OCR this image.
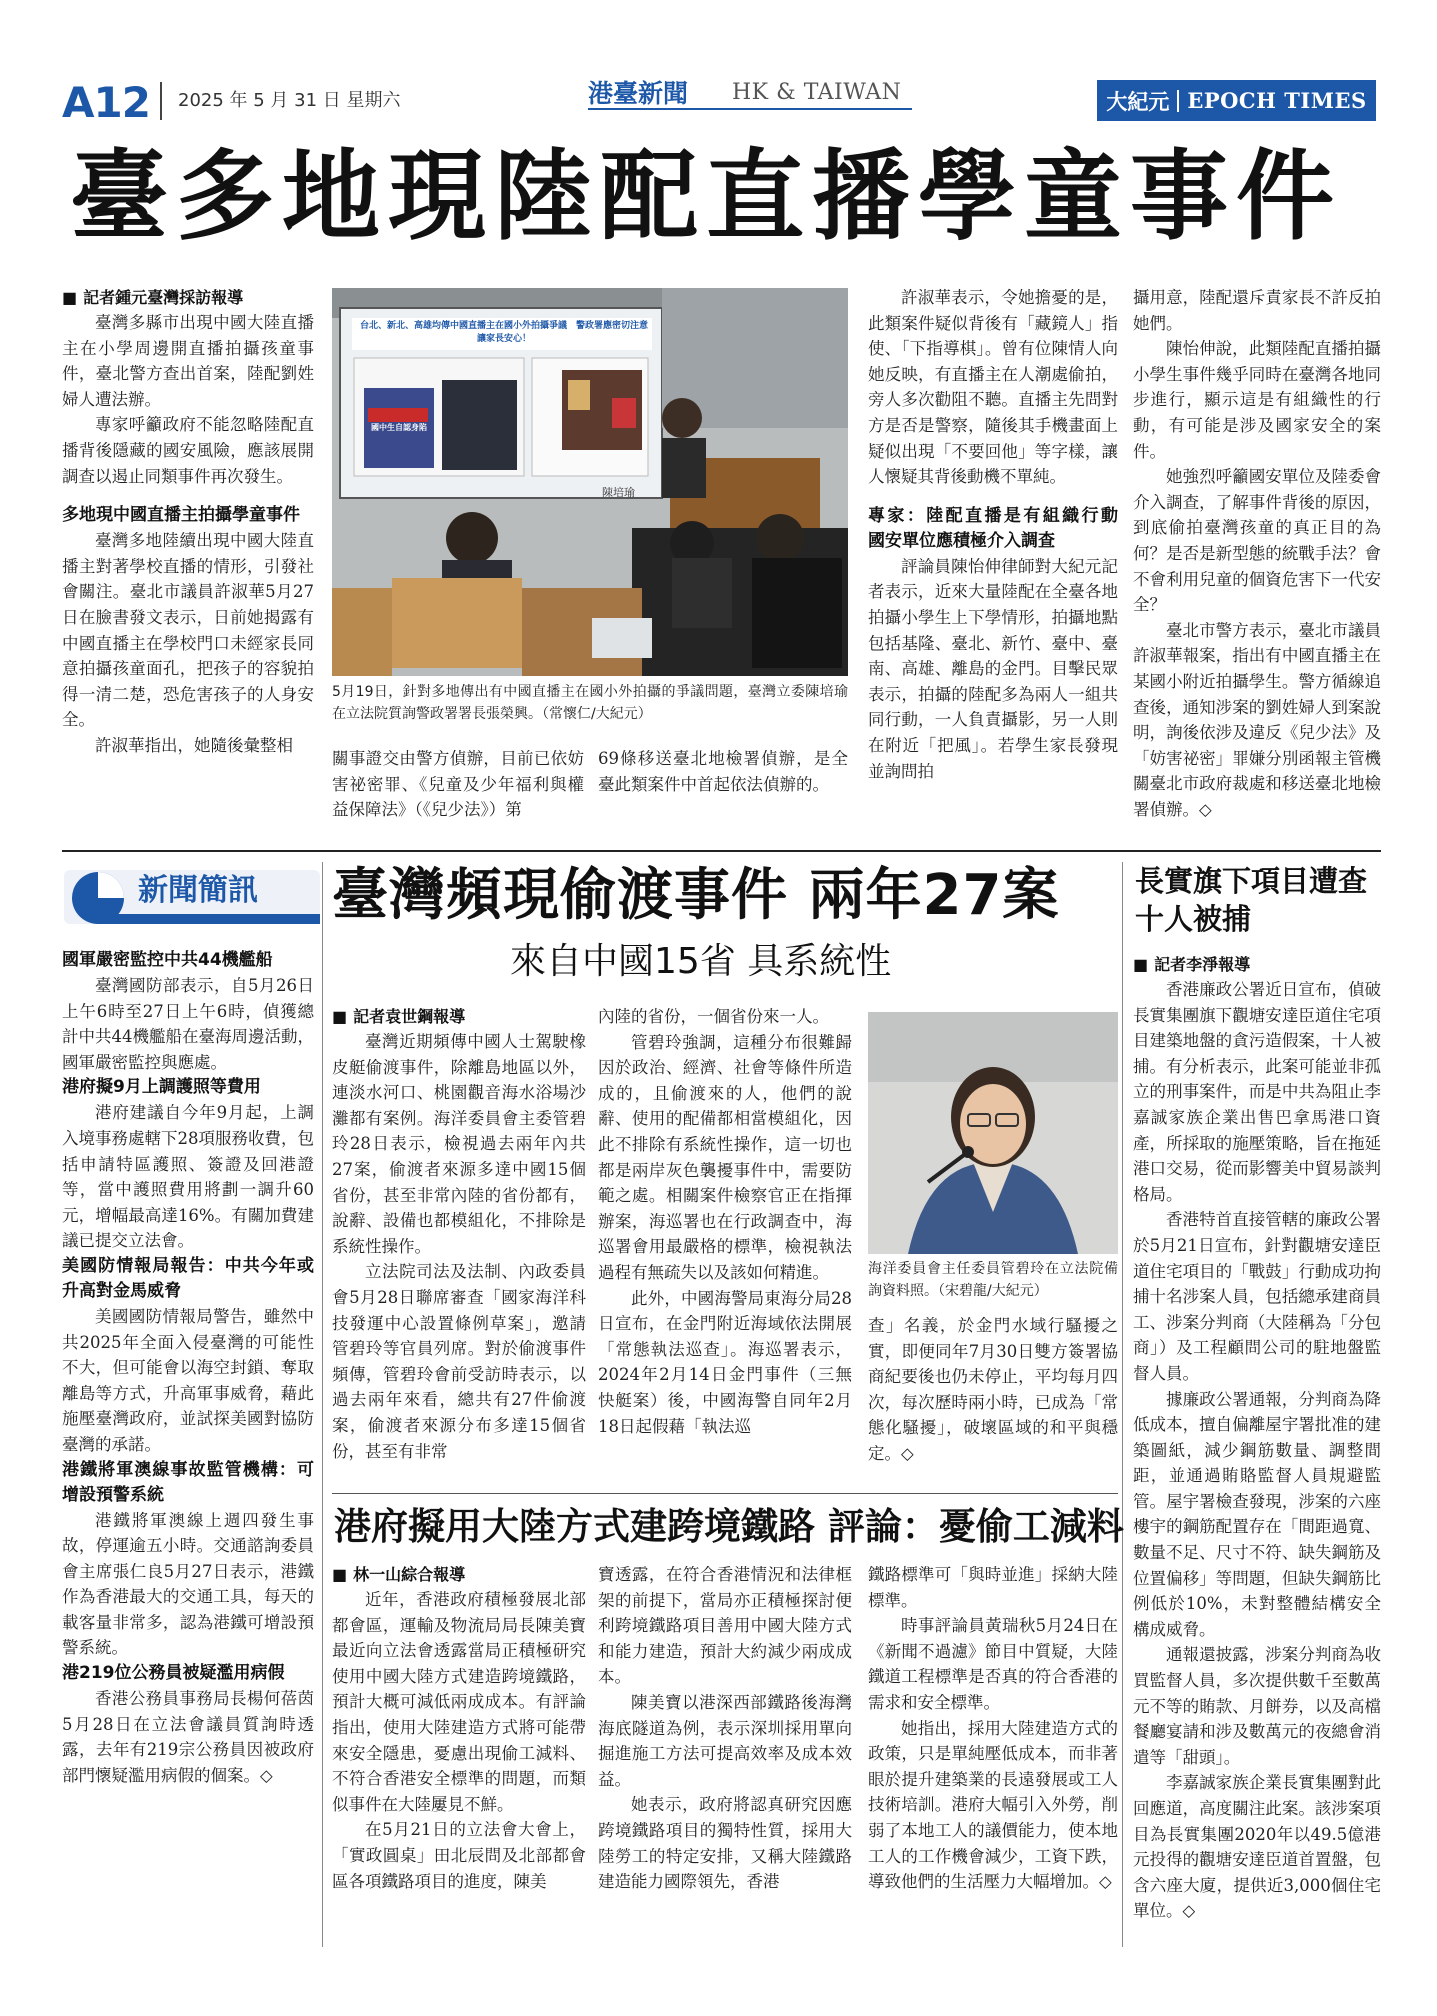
A12 2025 年 5 月 31 日 星期六	港臺新聞 HK & TAIWAN	大紀元 EPOCH TIMES
臺多地現陸配直播學童事件
■ 記者鍾元臺灣採訪報導

臺灣多縣市出現中國大陸直播主在小學周邊開直播拍攝孩童事件，臺北警方查出首案，陸配劉姓婦人遭法辦。

專家呼籲政府不能忽略陸配直播背後隱藏的國安風險，應該展開調查以遏止同類事件再次發生。

多地現中國直播主拍攝學童事件

臺灣多地陸續出現中國大陸直播主對著學校直播的情形，引發社會關注。臺北市議員許淑華5月27日在臉書發文表示，日前她揭露有中國直播主在學校門口未經家長同意拍攝孩童面孔，把孩子的容貌拍得一清二楚，恐危害孩子的人身安全。

許淑華指出，她隨後彙整相

台北、新北、高雄均傳中國直播主在國小外拍攝爭議　警政署應密切注意讓家長安心！
國中生自認身陷
陳培瑜
5月19日，針對多地傳出有中國直播主在國小外拍攝的爭議問題，臺灣立委陳培瑜在立法院質詢警政署署長張榮興。（常懷仁/大紀元）
關事證交由警方偵辦，目前已依妨害祕密罪、《兒童及少年福利與權益保障法》（《兒少法》）第
69條移送臺北地檢署偵辦，是全臺此類案件中首起依法偵辦的。

許淑華表示，令她擔憂的是，此類案件疑似背後有「藏鏡人」指使、「下指導棋」。曾有位陳情人向她反映，有直播主在人潮處偷拍，旁人多次勸阻不聽。直播主先問對方是否是警察，隨後其手機畫面上疑似出現「不要回他」等字樣，讓人懷疑其背後動機不單純。

專家：陸配直播是有組織行動　國安單位應積極介入調查

評論員陳怡伸律師對大紀元記者表示，近來大量陸配在全臺各地拍攝小學生上下學情形，拍攝地點包括基隆、臺北、新竹、臺中、臺南、高雄、離島的金門。目擊民眾表示，拍攝的陸配多為兩人一組共同行動，一人負責攝影，另一人則在附近「把風」。若學生家長發現並詢問拍

攝用意，陸配還斥責家長不許反拍她們。

陳怡伸說，此類陸配直播拍攝小學生事件幾乎同時在臺灣各地同步進行，顯示這是有組織性的行動，有可能是涉及國家安全的案件。

她強烈呼籲國安單位及陸委會介入調查，了解事件背後的原因，到底偷拍臺灣孩童的真正目的為何？是否是新型態的統戰手法？會不會利用兒童的個資危害下一代安全？

臺北市警方表示，臺北市議員許淑華報案，指出有中國直播主在某國小附近拍攝學生。警方循線追查後，通知涉案的劉姓婦人到案說明，詢後依涉及違反《兒少法》及「妨害祕密」罪嫌分別函報主管機關臺北市政府裁處和移送臺北地檢署偵辦。 ◇

新聞簡訊
國軍嚴密監控中共44機艦船

臺灣國防部表示，自5月26日上午6時至27日上午6時，偵獲總計中共44機艦船在臺海周邊活動，國軍嚴密監控與應處。

港府擬9月上調護照等費用

港府建議自今年9月起，上調入境事務處轄下28項服務收費，包括申請特區護照、簽證及回港證等，當中護照費用將劃一調升60元，增幅最高達16%。有關加費建議已提交立法會。

美國防情報局報告：中共今年或升高對金馬威脅

美國國防情報局警告，雖然中共2025年全面入侵臺灣的可能性不大，但可能會以海空封鎖、奪取離島等方式，升高軍事威脅，藉此施壓臺灣政府，並試探美國對協防臺灣的承諾。

港鐵將軍澳線事故監管機構：可增設預警系統

港鐵將軍澳線上週四發生事故，停運逾五小時。交通諮詢委員會主席張仁良5月27日表示，港鐵作為香港最大的交通工具，每天的載客量非常多，認為港鐵可增設預警系統。

港219位公務員被疑濫用病假

香港公務員事務局長楊何蓓茵5月28日在立法會議員質詢時透露，去年有219宗公務員因被政府部門懷疑濫用病假的個案。 ◇

臺灣頻現偷渡事件 兩年27案
來自中國15省 具系統性
■ 記者袁世鋼報導

臺灣近期頻傳中國人士駕駛橡皮艇偷渡事件，除離島地區以外，連淡水河口、桃園觀音海水浴場沙灘都有案例。海洋委員會主委管碧玲28日表示，檢視過去兩年內共27案，偷渡者來源多達中國15個省份，甚至非常內陸的省份都有，說辭、設備也都模組化，不排除是系統性操作。

立法院司法及法制、內政委員會5月28日聯席審查「國家海洋科技發運中心設置條例草案」，邀請管碧玲等官員列席。對於偷渡事件頻傳，管碧玲會前受訪時表示，以過去兩年來看，總共有27件偷渡案，偷渡者來源分布多達15個省份，甚至有非常

內陸的省份，一個省份來一人。

管碧玲強調，這種分布很難歸因於政治、經濟、社會等條件所造成的，且偷渡來的人，他們的說辭、使用的配備都相當模組化，因此不排除有系統性操作，這一切也都是兩岸灰色襲擾事件中，需要防範之處。相關案件檢察官正在指揮辦案，海巡署也在行政調查中，海巡署會用最嚴格的標準，檢視執法過程有無疏失以及該如何精進。

此外，中國海警局東海分局28日宣布，在金門附近海域依法開展「常態執法巡查」。海巡署表示，2024年2月14日金門事件（三無快艇案）後，中國海警自同年2月18日起假藉「執法巡

海洋委員會主任委員管碧玲在立法院備詢資料照。（宋碧龍/大紀元）
查」名義，於金門水域行騷擾之實，即便同年7月30日雙方簽署協商紀要後也仍未停止，平均每月四次，每次歷時兩小時，已成為「常態化騷擾」，破壞區域的和平與穩定。 ◇
港府擬用大陸方式建跨境鐵路 評論：憂偷工減料
■ 林一山綜合報導

近年，香港政府積極發展北部都會區，運輸及物流局局長陳美寶最近向立法會透露當局正積極研究使用中國大陸方式建造跨境鐵路，預計大概可減低兩成成本。有評論指出，使用大陸建造方式將可能帶來安全隱患，憂慮出現偷工減料、不符合香港安全標準的問題，而類似事件在大陸屢見不鮮。

在5月21日的立法會大會上，「實政圓桌」田北辰問及北部都會區各項鐵路項目的進度，陳美

寶透露，在符合香港情況和法律框架的前提下，當局亦正積極探討便利跨境鐵路項目善用中國大陸方式和能力建造，預計大約減少兩成成本。

陳美寶以港深西部鐵路後海灣海底隧道為例，表示深圳採用單向掘進施工方法可提高效率及成本效益。

她表示，政府將認真研究因應跨境鐵路項目的獨特性質，採用大陸勞工的特定安排，又稱大陸鐵路建造能力國際領先，香港

鐵路標準可「與時並進」採納大陸標準。

時事評論員黃瑞秋5月24日在《新聞不過濾》節目中質疑，大陸鐵道工程標準是否真的符合香港的需求和安全標準。

她指出，採用大陸建造方式的政策，只是單純壓低成本，而非著眼於提升建築業的長遠發展或工人技術培訓。港府大幅引入外勞，削弱了本地工人的議價能力，使本地工人的工作機會減少，工資下跌，導致他們的生活壓力大幅增加。 ◇

長實旗下項目遭查　十人被捕
■ 記者李淨報導

香港廉政公署近日宣布，偵破長實集團旗下觀塘安達臣道住宅項目建築地盤的貪污造假案，十人被捕。有分析表示，此案可能並非孤立的刑事案件，而是中共為阻止李嘉誠家族企業出售巴拿馬港口資產，所採取的施壓策略，旨在拖延港口交易，從而影響美中貿易談判格局。

香港特首直接管轄的廉政公署於5月21日宣布，針對觀塘安達臣道住宅項目的「戰鼓」行動成功拘捕十名涉案人員，包括總承建商員工、涉案分判商（大陸稱為「分包商」）及工程顧問公司的駐地盤監督人員。

據廉政公署通報，分判商為降低成本，擅自偏離屋宇署批准的建築圖紙，減少鋼筋數量、調整間距，並通過賄賂監督人員規避監管。屋宇署檢查發現，涉案的六座樓宇的鋼筋配置存在「間距過寬、數量不足、尺寸不符、缺失鋼筋及位置偏移」等問題，但缺失鋼筋比例低於10%，未對整體結構安全構成威脅。

通報還披露，涉案分判商為收買監督人員，多次提供數千至數萬元不等的賄款、月餅券，以及高檔餐廳宴請和涉及數萬元的夜總會消遣等「甜頭」。

李嘉誠家族企業長實集團對此回應道，高度關注此案。該涉案項目為長實集團2020年以49.5億港元投得的觀塘安達臣道首置盤，包含六座大廈，提供近3,000個住宅單位。 ◇
